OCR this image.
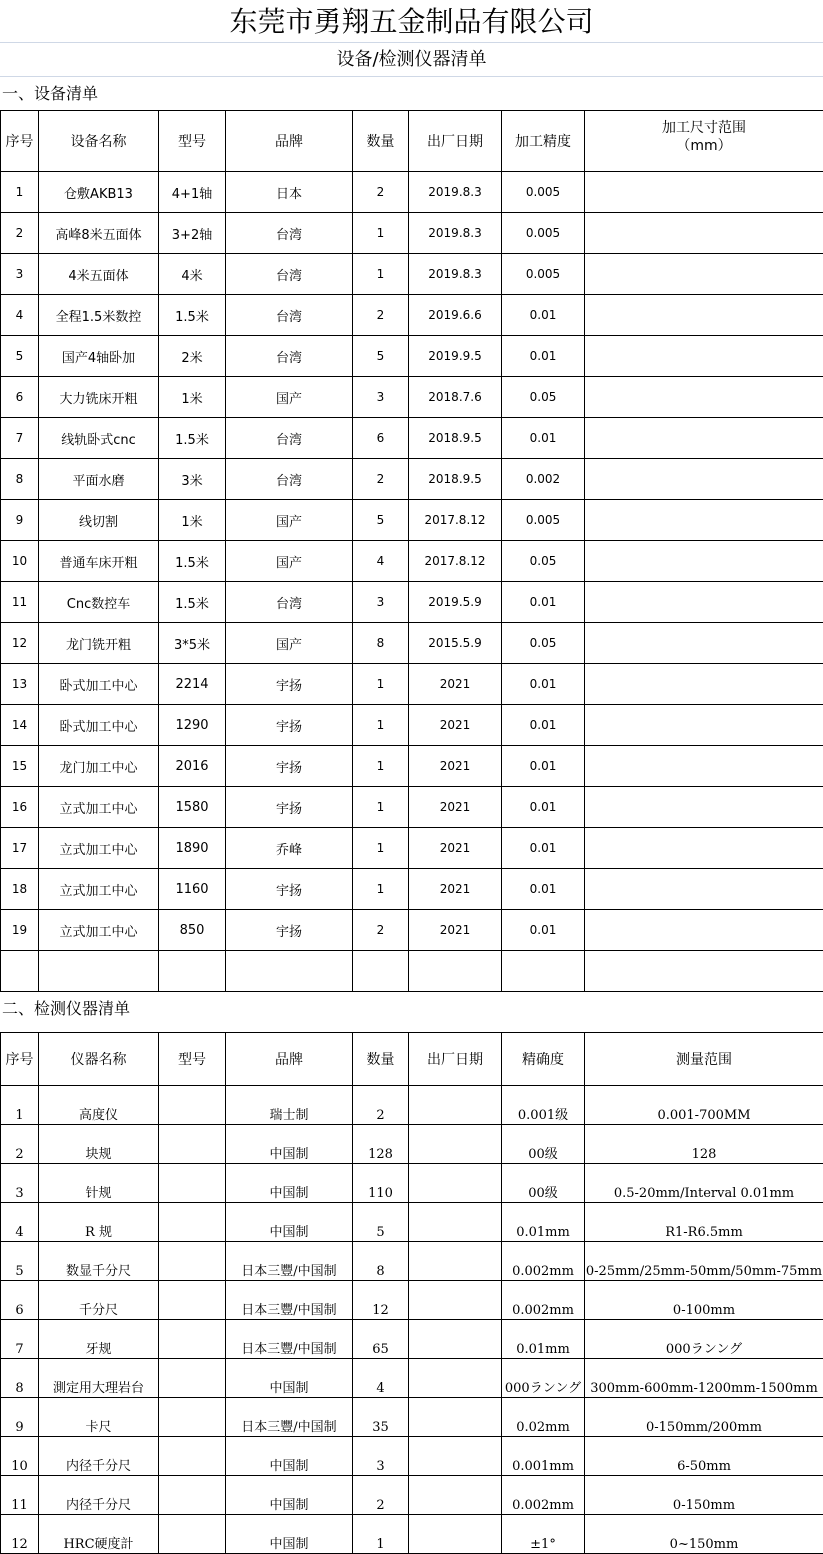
东莞市勇翔五金制品有限公司
设备/检测仪器清单
一、设备清单
序号	设备名称	型号	品牌	数量	出厂日期	加工精度	加工尺寸范围
（mm）

1	仓敷AKB13	4+1轴	日本	2	2019.8.3	0.005	
2	高峰8米五面体	3+2轴	台湾	1	2019.8.3	0.005	
3	4米五面体	4米	台湾	1	2019.8.3	0.005	
4	全程1.5米数控	1.5米	台湾	2	2019.6.6	0.01	
5	国产4轴卧加	2米	台湾	5	2019.9.5	0.01	
6	大力铣床开粗	1米	国产	3	2018.7.6	0.05	
7	线轨卧式cnc	1.5米	台湾	6	2018.9.5	0.01	
8	平面水磨	3米	台湾	2	2018.9.5	0.002	
9	线切割	1米	国产	5	2017.8.12	0.005	
10	普通车床开粗	1.5米	国产	4	2017.8.12	0.05	
11	Cnc数控车	1.5米	台湾	3	2019.5.9	0.01	
12	龙门铣开粗	3*5米	国产	8	2015.5.9	0.05	
13	卧式加工中心	2214	宇扬	1	2021	0.01	
14	卧式加工中心	1290	宇扬	1	2021	0.01	
15	龙门加工中心	2016	宇扬	1	2021	0.01	
16	立式加工中心	1580	宇扬	1	2021	0.01	
17	立式加工中心	1890	乔峰	1	2021	0.01	
18	立式加工中心	1160	宇扬	1	2021	0.01	
19	立式加工中心	850	宇扬	2	2021	0.01	

二、检测仪器清单
序号	仪器名称	型号	品牌	数量	出厂日期	精确度	测量范围
1	高度仪		瑞士制	2		0.001级	0.001-700MM
2	块规		中国制	128		00级	128
3	针规		中国制	110		00级	0.5-20mm/Interval 0.01mm
4	R 规		中国制	5		0.01mm	R1-R6.5mm
5	数显千分尺		日本三豐/中国制	8		0.002mm	0-25mm/25mm-50mm/50mm-75mm
6	千分尺		日本三豐/中国制	12		0.002mm	0-100mm
7	牙规		日本三豐/中国制	65		0.01mm	000ランング
8	測定用大理岩台		中国制	4		000ランング	300mm-600mm-1200mm-1500mm
9	卡尺		日本三豐/中国制	35		0.02mm	0-150mm/200mm
10	内径千分尺		中国制	3		0.001mm	6-50mm
11	内径千分尺		中国制	2		0.002mm	0-150mm
12	HRC硬度計		中国制	1		±1°	0~150mm
